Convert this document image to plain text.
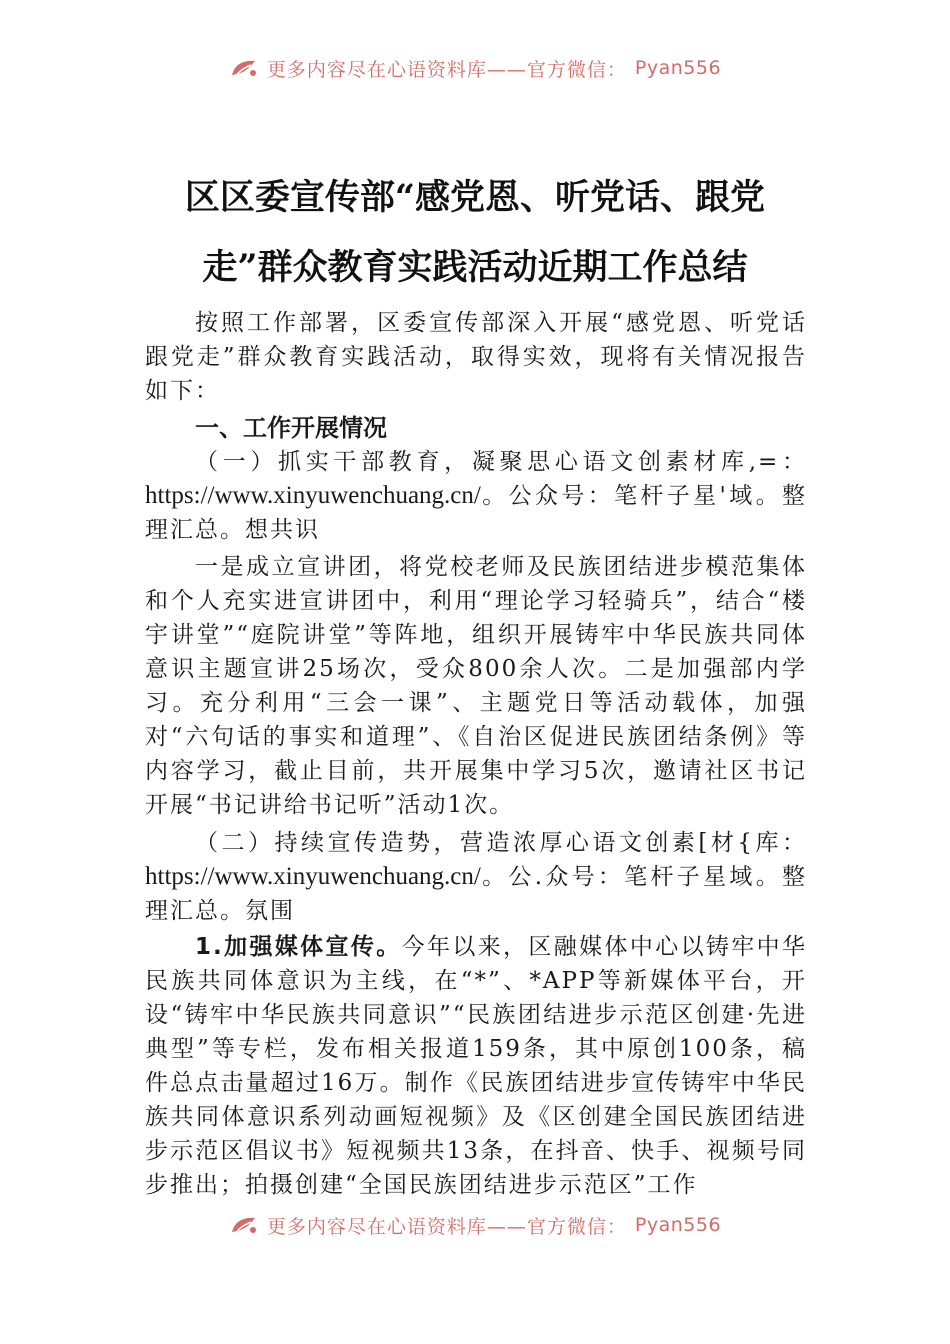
更多内容尽在心语资料库——官方微信： Pyan556
区区委宣传部“感党恩、听党话、跟党
走”群众教育实践活动近期工作总结

按照工作部署，区委宣传部深入开展“感党恩、听党话跟党走”群众教育实践活动，取得实效，现将有关情况报告如下：

一、工作开展情况

（一）抓实干部教育，凝聚思心语文创素材库,=：https://www.xinyuwenchuang.cn/。公众号：笔杆子星'域。整理汇总。想共识

一是成立宣讲团，将党校老师及民族团结进步模范集体和个人充实进宣讲团中，利用“理论学习轻骑兵”，结合“楼宇讲堂”“庭院讲堂”等阵地，组织开展铸牢中华民族共同体意识主题宣讲25场次，受众800余人次。二是加强部内学习。充分利用“三会一课”、主题党日等活动载体，加强对“六句话的事实和道理”、《自治区促进民族团结条例》等内容学习，截止目前，共开展集中学习5次，邀请社区书记开展“书记讲给书记听”活动1次。

（二）持续宣传造势，营造浓厚心语文创素[材{库：https://www.xinyuwenchuang.cn/。公.众号：笔杆子星域。整理汇总。氛围

1.加强媒体宣传。今年以来，区融媒体中心以铸牢中华民族共同体意识为主线，在“*”、*APP等新媒体平台，开设“铸牢中华民族共同意识”“民族团结进步示范区创建·先进典型”等专栏，发布相关报道159条，其中原创100条，稿件总点击量超过16万。制作《民族团结进步宣传铸牢中华民族共同体意识系列动画短视频》及《区创建全国民族团结进步示范区倡议书》短视频共13条，在抖音、快手、视频号同步推出；拍摄创建“全国民族团结进步示范区”工作

更多内容尽在心语资料库——官方微信： Pyan556
